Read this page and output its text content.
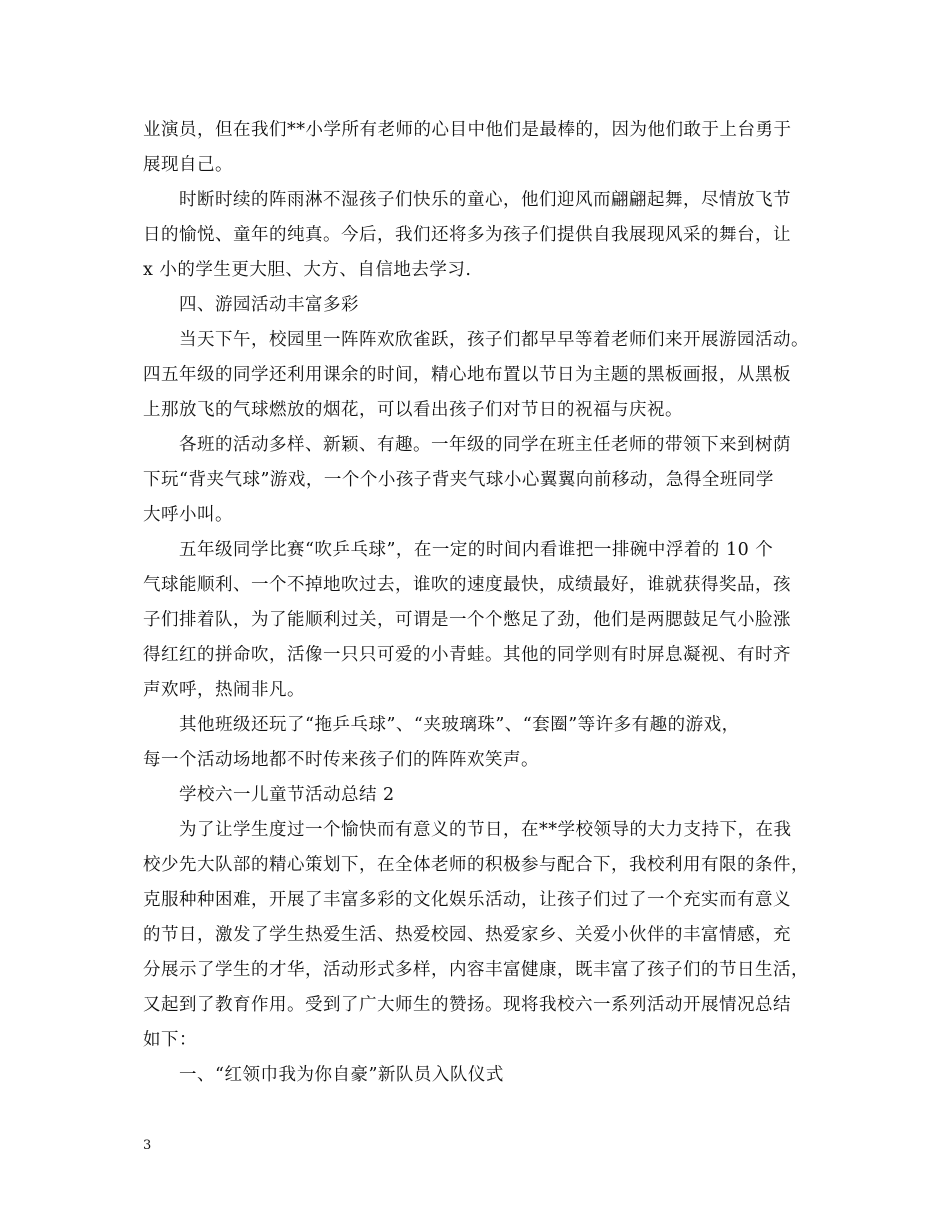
业演员，但在我们**小学所有老师的心目中他们是最棒的，因为他们敢于上台勇于
展现自己。
时断时续的阵雨淋不湿孩子们快乐的童心，他们迎风而翩翩起舞，尽情放飞节
日的愉悦、童年的纯真。今后，我们还将多为孩子们提供自我展现风采的舞台，让
x 小的学生更大胆、大方、自信地去学习.
四、游园活动丰富多彩
当天下午，校园里一阵阵欢欣雀跃，孩子们都早早等着老师们来开展游园活动。
四五年级的同学还利用课余的时间，精心地布置以节日为主题的黑板画报，从黑板
上那放飞的气球燃放的烟花，可以看出孩子们对节日的祝福与庆祝。
各班的活动多样、新颖、有趣。一年级的同学在班主任老师的带领下来到树荫
下玩“背夹气球”游戏，一个个小孩子背夹气球小心翼翼向前移动，急得全班同学
大呼小叫。
五年级同学比赛“吹乒乓球”，在一定的时间内看谁把一排碗中浮着的 10 个
气球能顺利、一个不掉地吹过去，谁吹的速度最快，成绩最好，谁就获得奖品，孩
子们排着队，为了能顺利过关，可谓是一个个憋足了劲，他们是两腮鼓足气小脸涨
得红红的拼命吹，活像一只只可爱的小青蛙。其他的同学则有时屏息凝视、有时齐
声欢呼，热闹非凡。
其他班级还玩了“拖乒乓球”、“夹玻璃珠”、“套圈”等许多有趣的游戏，
每一个活动场地都不时传来孩子们的阵阵欢笑声。
学校六一儿童节活动总结 2
为了让学生度过一个愉快而有意义的节日，在**学校领导的大力支持下，在我
校少先大队部的精心策划下，在全体老师的积极参与配合下，我校利用有限的条件，
克服种种困难，开展了丰富多彩的文化娱乐活动，让孩子们过了一个充实而有意义
的节日，激发了学生热爱生活、热爱校园、热爱家乡、关爱小伙伴的丰富情感，充
分展示了学生的才华，活动形式多样，内容丰富健康，既丰富了孩子们的节日生活，
又起到了教育作用。受到了广大师生的赞扬。现将我校六一系列活动开展情况总结
如下：
一、“红领巾我为你自豪”新队员入队仪式
3
